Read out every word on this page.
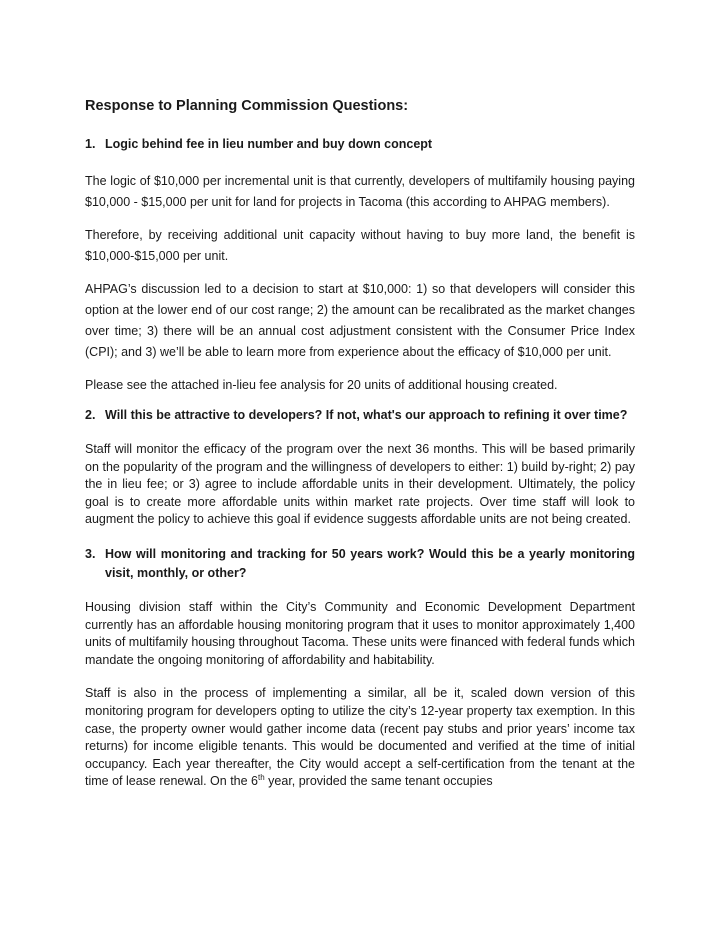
Response to Planning Commission Questions:
1. Logic behind fee in lieu number and buy down concept

The logic of $10,000 per incremental unit is that currently, developers of multifamily housing paying $10,000 - $15,000 per unit for land for projects in Tacoma (this according to AHPAG members).

Therefore, by receiving additional unit capacity without having to buy more land, the benefit is $10,000-$15,000 per unit.

AHPAG’s discussion led to a decision to start at $10,000: 1) so that developers will consider this option at the lower end of our cost range; 2) the amount can be recalibrated as the market changes over time; 3) there will be an annual cost adjustment consistent with the Consumer Price Index (CPI); and 3) we’ll be able to learn more from experience about the efficacy of $10,000 per unit.

Please see the attached in-lieu fee analysis for 20 units of additional housing created.

2. Will this be attractive to developers? If not, what's our approach to refining it over time?

Staff will monitor the efficacy of the program over the next 36 months. This will be based primarily on the popularity of the program and the willingness of developers to either: 1) build by-right; 2) pay the in lieu fee; or 3) agree to include affordable units in their development. Ultimately, the policy goal is to create more affordable units within market rate projects. Over time staff will look to augment the policy to achieve this goal if evidence suggests affordable units are not being created.

3. How will monitoring and tracking for 50 years work? Would this be a yearly monitoring visit, monthly, or other?

Housing division staff within the City’s Community and Economic Development Department currently has an affordable housing monitoring program that it uses to monitor approximately 1,400 units of multifamily housing throughout Tacoma. These units were financed with federal funds which mandate the ongoing monitoring of affordability and habitability.

Staff is also in the process of implementing a similar, all be it, scaled down version of this monitoring program for developers opting to utilize the city’s 12-year property tax exemption. In this case, the property owner would gather income data (recent pay stubs and prior years’ income tax returns) for income eligible tenants. This would be documented and verified at the time of initial occupancy. Each year thereafter, the City would accept a self-certification from the tenant at the time of lease renewal. On the 6th year, provided the same tenant occupies
